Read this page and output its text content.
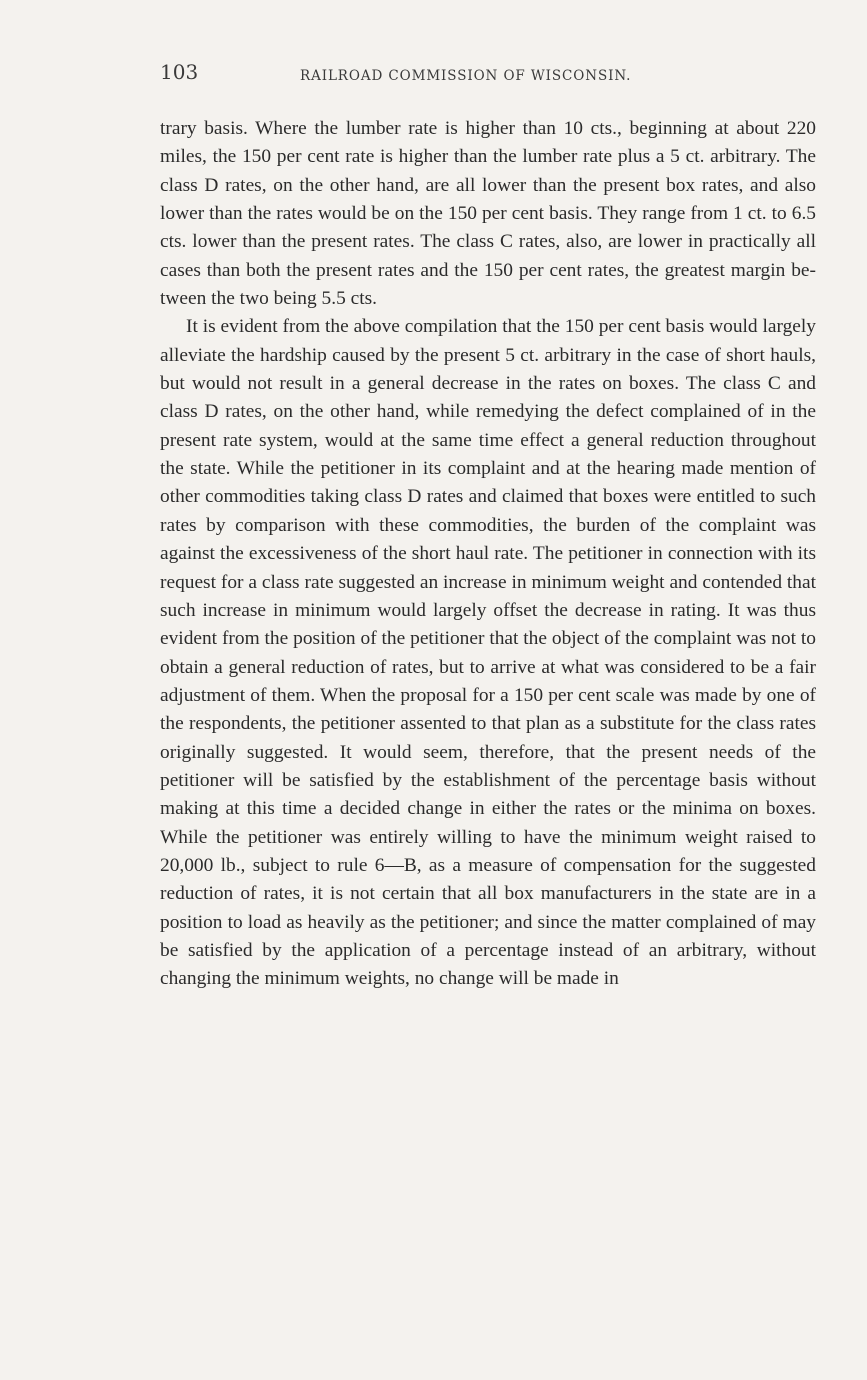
103	RAILROAD COMMISSION OF WISCONSIN.

trary basis. Where the lumber rate is higher than 10 cts., beginning at about 220 miles, the 150 per cent rate is higher than the lumber rate plus a 5 ct. arbitrary. The class D rates, on the other hand, are all lower than the present box rates, and also lower than the rates would be on the 150 per cent basis. They range from 1 ct. to 6.5 cts. lower than the present rates. The class C rates, also, are lower in practically all cases than both the present rates and the 150 per cent rates, the greatest margin between the two being 5.5 cts.

It is evident from the above compilation that the 150 per cent basis would largely alleviate the hardship caused by the present 5 ct. arbitrary in the case of short hauls, but would not result in a general decrease in the rates on boxes. The class C and class D rates, on the other hand, while remedying the defect complained of in the present rate system, would at the same time effect a general reduction throughout the state. While the petitioner in its complaint and at the hearing made mention of other commodities taking class D rates and claimed that boxes were entitled to such rates by comparison with these commodities, the burden of the complaint was against the excessiveness of the short haul rate. The petitioner in connection with its request for a class rate suggested an increase in minimum weight and contended that such increase in minimum would largely offset the decrease in rating. It was thus evident from the position of the petitioner that the object of the complaint was not to obtain a general reduction of rates, but to arrive at what was considered to be a fair adjustment of them. When the proposal for a 150 per cent scale was made by one of the respondents, the petitioner assented to that plan as a substitute for the class rates originally suggested. It would seem, therefore, that the present needs of the petitioner will be satisfied by the establishment of the percentage basis without making at this time a decided change in either the rates or the minima on boxes. While the petitioner was entirely willing to have the minimum weight raised to 20,000 lb., subject to rule 6—B, as a measure of compensation for the suggested reduction of rates, it is not certain that all box manufacturers in the state are in a position to load as heavily as the petitioner; and since the matter complained of may be satisfied by the application of a percentage instead of an arbitrary, without changing the minimum weights, no change will be made in
